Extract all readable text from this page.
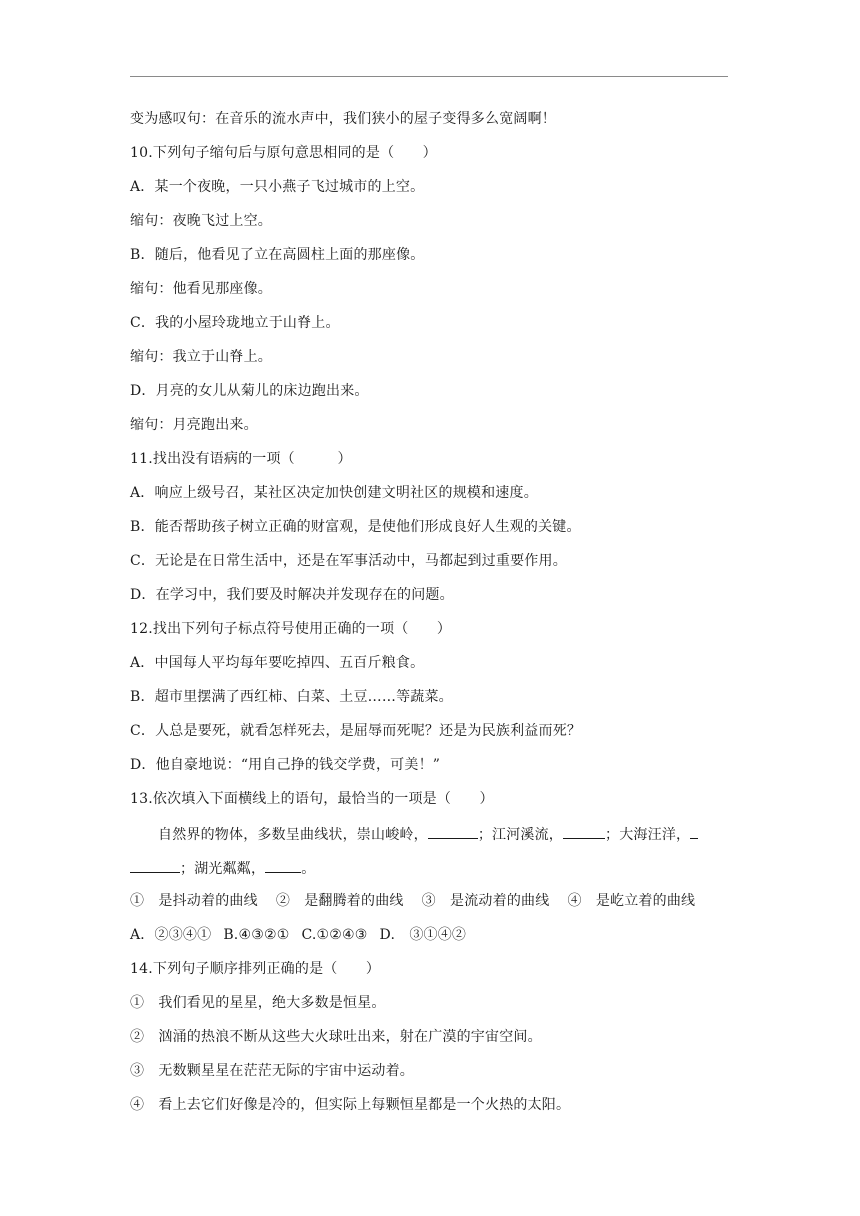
变为感叹句：在音乐的流水声中，我们狭小的屋子变得多么宽阔啊！
10.下列句子缩句后与原句意思相同的是（　　）
A．某一个夜晚，一只小燕子飞过城市的上空。
缩句：夜晚飞过上空。
B．随后，他看见了立在高圆柱上面的那座像。
缩句：他看见那座像。
C．我的小屋玲珑地立于山脊上。
缩句：我立于山脊上。
D．月亮的女儿从菊儿的床边跑出来。
缩句：月亮跑出来。
11.找出没有语病的一项（　　　）
A．响应上级号召，某社区决定加快创建文明社区的规模和速度。
B．能否帮助孩子树立正确的财富观，是使他们形成良好人生观的关键。
C．无论是在日常生活中，还是在军事活动中，马都起到过重要作用。
D．在学习中，我们要及时解决并发现存在的问题。
12.找出下列句子标点符号使用正确的一项（　　）
A．中国每人平均每年要吃掉四、五百斤粮食。
B．超市里摆满了西红柿、白菜、土豆……等蔬菜。
C．人总是要死，就看怎样死去，是屈辱而死呢？还是为民族利益而死？
D．他自豪地说：“用自己挣的钱交学费，可美！”
13.依次填入下面横线上的语句，最恰当的一项是（　　）
自然界的物体，多数呈曲线状，崇山峻岭，	；江河溪流，	；大海汪洋，
；湖光粼粼，	。
①　是抖动着的曲线 ②　是翻腾着的曲线 ③　是流动着的曲线 ④　是屹立着的曲线
A．②③④① B.④③②① C.①②④③ D.　③①④②
14.下列句子顺序排列正确的是（　　）
①　我们看见的星星，绝大多数是恒星。
②　汹涌的热浪不断从这些大火球吐出来，射在广漠的宇宙空间。
③　无数颗星星在茫茫无际的宇宙中运动着。
④　看上去它们好像是冷的，但实际上每颗恒星都是一个火热的太阳。
